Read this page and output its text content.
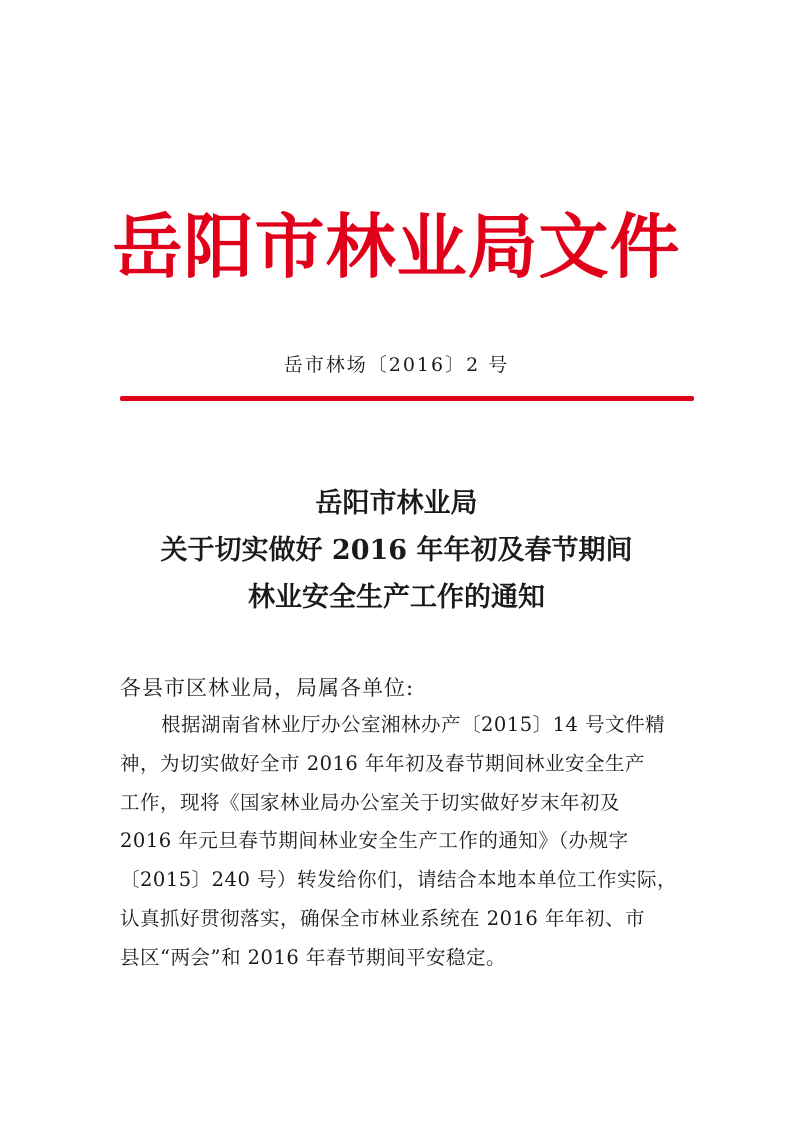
岳阳市林业局文件
岳市林场〔2016〕2 号
岳阳市林业局
关于切实做好 2016 年年初及春节期间
林业安全生产工作的通知
各县市区林业局，局属各单位:
根据湖南省林业厅办公室湘林办产〔2015〕14 号文件精
神，为切实做好全市 2016 年年初及春节期间林业安全生产
工作，现将《国家林业局办公室关于切实做好岁末年初及
2016 年元旦春节期间林业安全生产工作的通知》（办规字
〔2015〕240 号）转发给你们，请结合本地本单位工作实际，
认真抓好贯彻落实，确保全市林业系统在 2016 年年初、市
县区“两会”和 2016 年春节期间平安稳定。
